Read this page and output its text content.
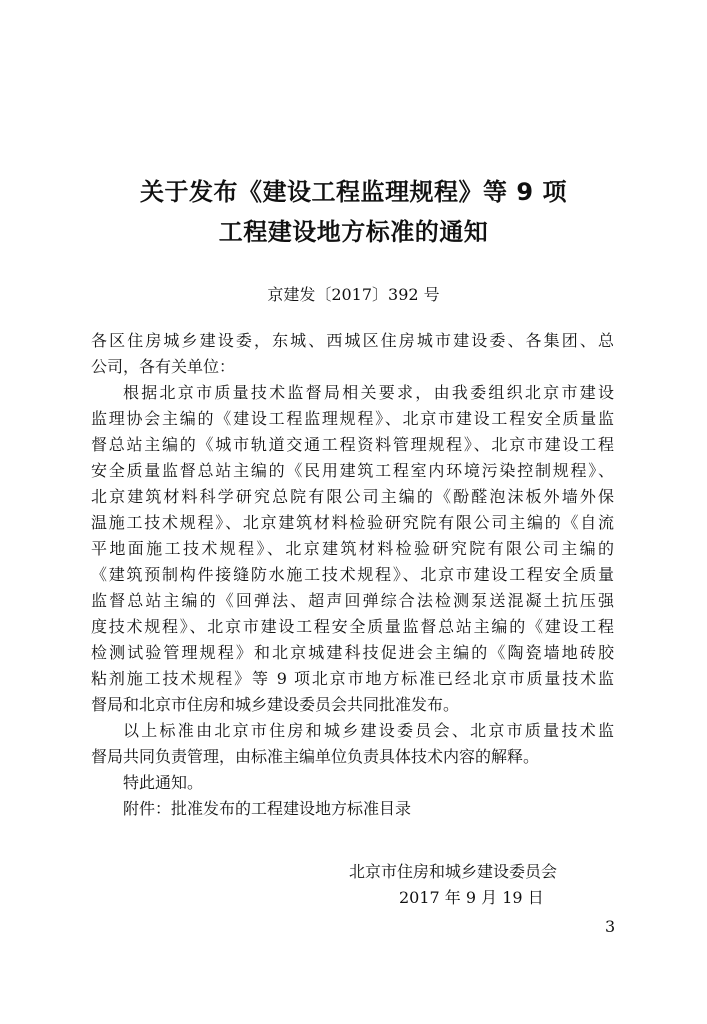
关于发布《建设工程监理规程》等 9 项
工程建设地方标准的通知
京建发〔2017〕392 号
各区住房城乡建设委，东城、西城区住房城市建设委、各集团、总
公司，各有关单位：
根据北京市质量技术监督局相关要求，由我委组织北京市建设
监理协会主编的《建设工程监理规程》、北京市建设工程安全质量监
督总站主编的《城市轨道交通工程资料管理规程》、北京市建设工程
安全质量监督总站主编的《民用建筑工程室内环境污染控制规程》、
北京建筑材料科学研究总院有限公司主编的《酚醛泡沫板外墙外保
温施工技术规程》、北京建筑材料检验研究院有限公司主编的《自流
平地面施工技术规程》、北京建筑材料检验研究院有限公司主编的
《建筑预制构件接缝防水施工技术规程》、北京市建设工程安全质量
监督总站主编的《回弹法、超声回弹综合法检测泵送混凝土抗压强
度技术规程》、北京市建设工程安全质量监督总站主编的《建设工程
检测试验管理规程》和北京城建科技促进会主编的《陶瓷墙地砖胶
粘剂施工技术规程》等 9 项北京市地方标准已经北京市质量技术监
督局和北京市住房和城乡建设委员会共同批准发布。
以上标准由北京市住房和城乡建设委员会、北京市质量技术监
督局共同负责管理，由标准主编单位负责具体技术内容的解释。
特此通知。
附件：批准发布的工程建设地方标准目录
北京市住房和城乡建设委员会
2017 年 9 月 19 日
3
